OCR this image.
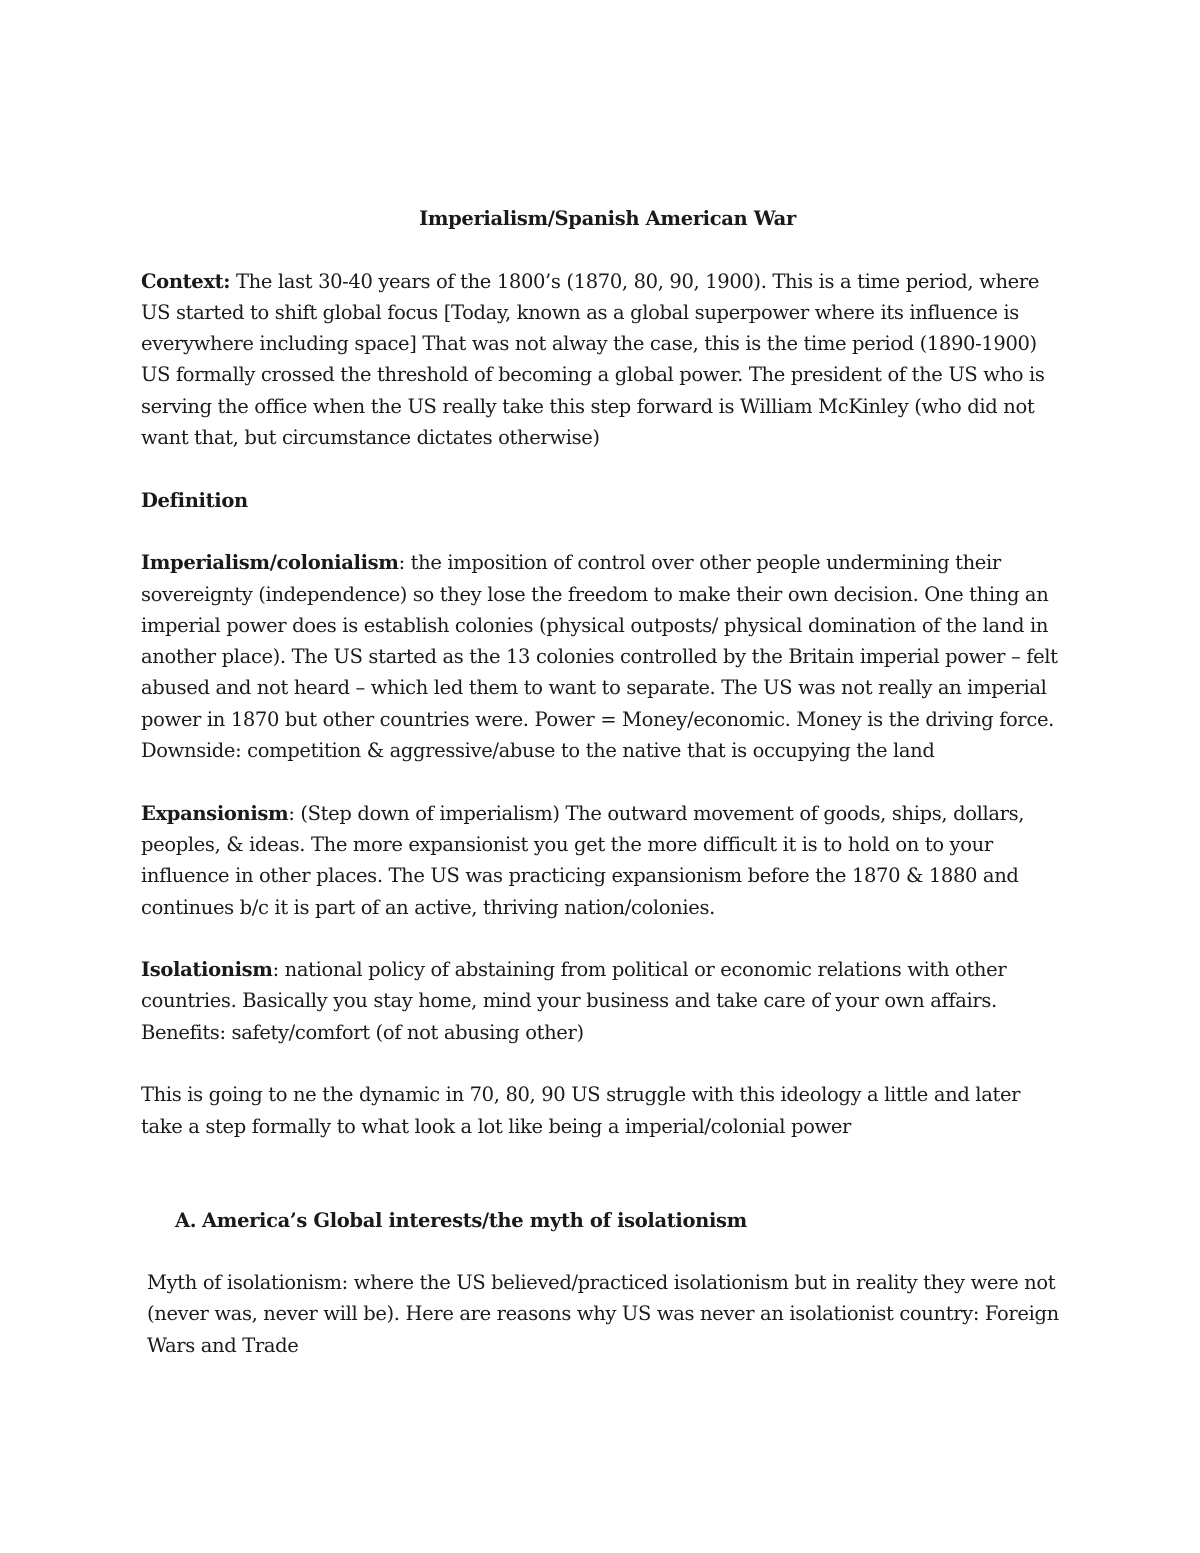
Imperialism/Spanish American War

Context: The last 30-40 years of the 1800’s (1870, 80, 90, 1900). This is a time period, where US started to shift global focus [Today, known as a global superpower where its influence is everywhere including space] That was not alway the case, this is the time period (1890-1900) US formally crossed the threshold of becoming a global power. The president of the US who is serving the office when the US really take this step forward is William McKinley (who did not want that, but circumstance dictates otherwise)

Definition

Imperialism/colonialism: the imposition of control over other people undermining their sovereignty (independence) so they lose the freedom to make their own decision. One thing an imperial power does is establish colonies (physical outposts/ physical domination of the land in another place). The US started as the 13 colonies controlled by the Britain imperial power – felt abused and not heard – which led them to want to separate. The US was not really an imperial power in 1870 but other countries were. Power = Money/economic. Money is the driving force. Downside: competition & aggressive/abuse to the native that is occupying the land

Expansionism: (Step down of imperialism) The outward movement of goods, ships, dollars, peoples, & ideas. The more expansionist you get the more difficult it is to hold on to your influence in other places. The US was practicing expansionism before the 1870 & 1880 and continues b/c it is part of an active, thriving nation/colonies.

Isolationism: national policy of abstaining from political or economic relations with other countries. Basically you stay home, mind your business and take care of your own affairs. Benefits: safety/comfort (of not abusing other)

This is going to ne the dynamic in 70, 80, 90 US struggle with this ideology a little and later take a step formally to what look a lot like being a imperial/colonial power

A. America’s Global interests/the myth of isolationism

Myth of isolationism: where the US believed/practiced isolationism but in reality they were not (never was, never will be). Here are reasons why US was never an isolationist country: Foreign Wars and Trade
